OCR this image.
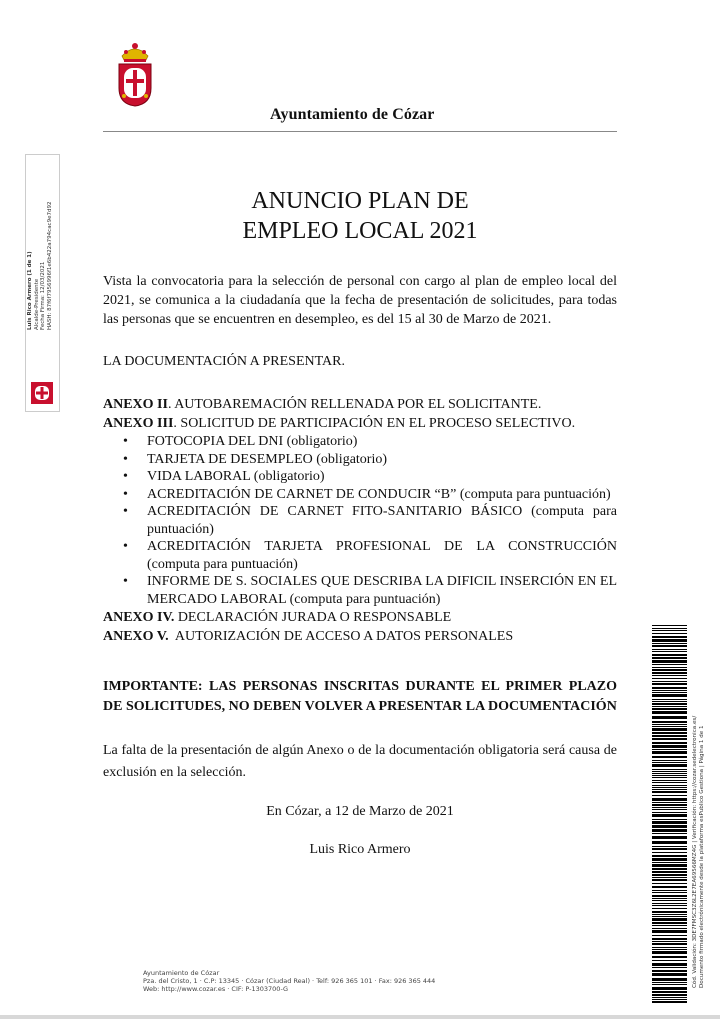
Ayuntamiento de Cózar
ANUNCIO PLAN DE
EMPLEO LOCAL 2021

Vista la convocatoria para la selección de personal con cargo al plan de empleo local del 2021, se comunica a la ciudadanía que la fecha de presentación de solicitudes, para todas las personas que se encuentren en desempleo, es del 15 al 30 de Marzo de 2021.

LA DOCUMENTACIÓN A PRESENTAR.

ANEXO II. AUTOBAREMACIÓN RELLENADA POR EL SOLICITANTE.

ANEXO III. SOLICITUD DE PARTICIPACIÓN EN EL PROCESO SELECTIVO.

• FOTOCOPIA DEL DNI (obligatorio)
• TARJETA DE DESEMPLEO (obligatorio)
• VIDA LABORAL (obligatorio)
• ACREDITACIÓN DE CARNET DE CONDUCIR “B” (computa para puntuación)
• ACREDITACIÓN DE CARNET FITO-SANITARIO BÁSICO (computa para puntuación)
• ACREDITACIÓN TARJETA PROFESIONAL DE LA CONSTRUCCIÓN (computa para puntuación)
• INFORME DE S. SOCIALES QUE DESCRIBA LA DIFICIL INSERCIÓN EN EL MERCADO LABORAL (computa para puntuación)

ANEXO IV. DECLARACIÓN JURADA O RESPONSABLE

ANEXO V.  AUTORIZACIÓN DE ACCESO A DATOS PERSONALES

IMPORTANTE: LAS PERSONAS INSCRITAS DURANTE EL PRIMER PLAZO DE SOLICITUDES, NO DEBEN VOLVER A PRESENTAR LA DOCUMENTACIÓN

La falta de la presentación de algún Anexo o de la documentación obligatoria será causa de exclusión en la selección.

En Cózar, a 12 de Marzo de 2021

Luis Rico Armero

Ayuntamiento de Cózar
Pza. del Cristo, 1 · C.P: 13345 · Cózar (Ciudad Real) · Telf: 926 365 101 · Fax: 926 365 444
Web: http://www.cozar.es · CIF: P-1303700-G
Luis Rico Armero (1 de 1) Alcalde-Presidente Fecha Firma: 12/03/2021 HASH: 87f6f7956996f1e6b422a794cac9e7d92
Cód. Validación: 3DE7FMSC3Z6L2E7EA69566MZ4G | Verificación: https://cozar.sedelectronica.es/ Documento firmado electrónicamente desde la plataforma esPublico Gestiona | Página 1 de 1
